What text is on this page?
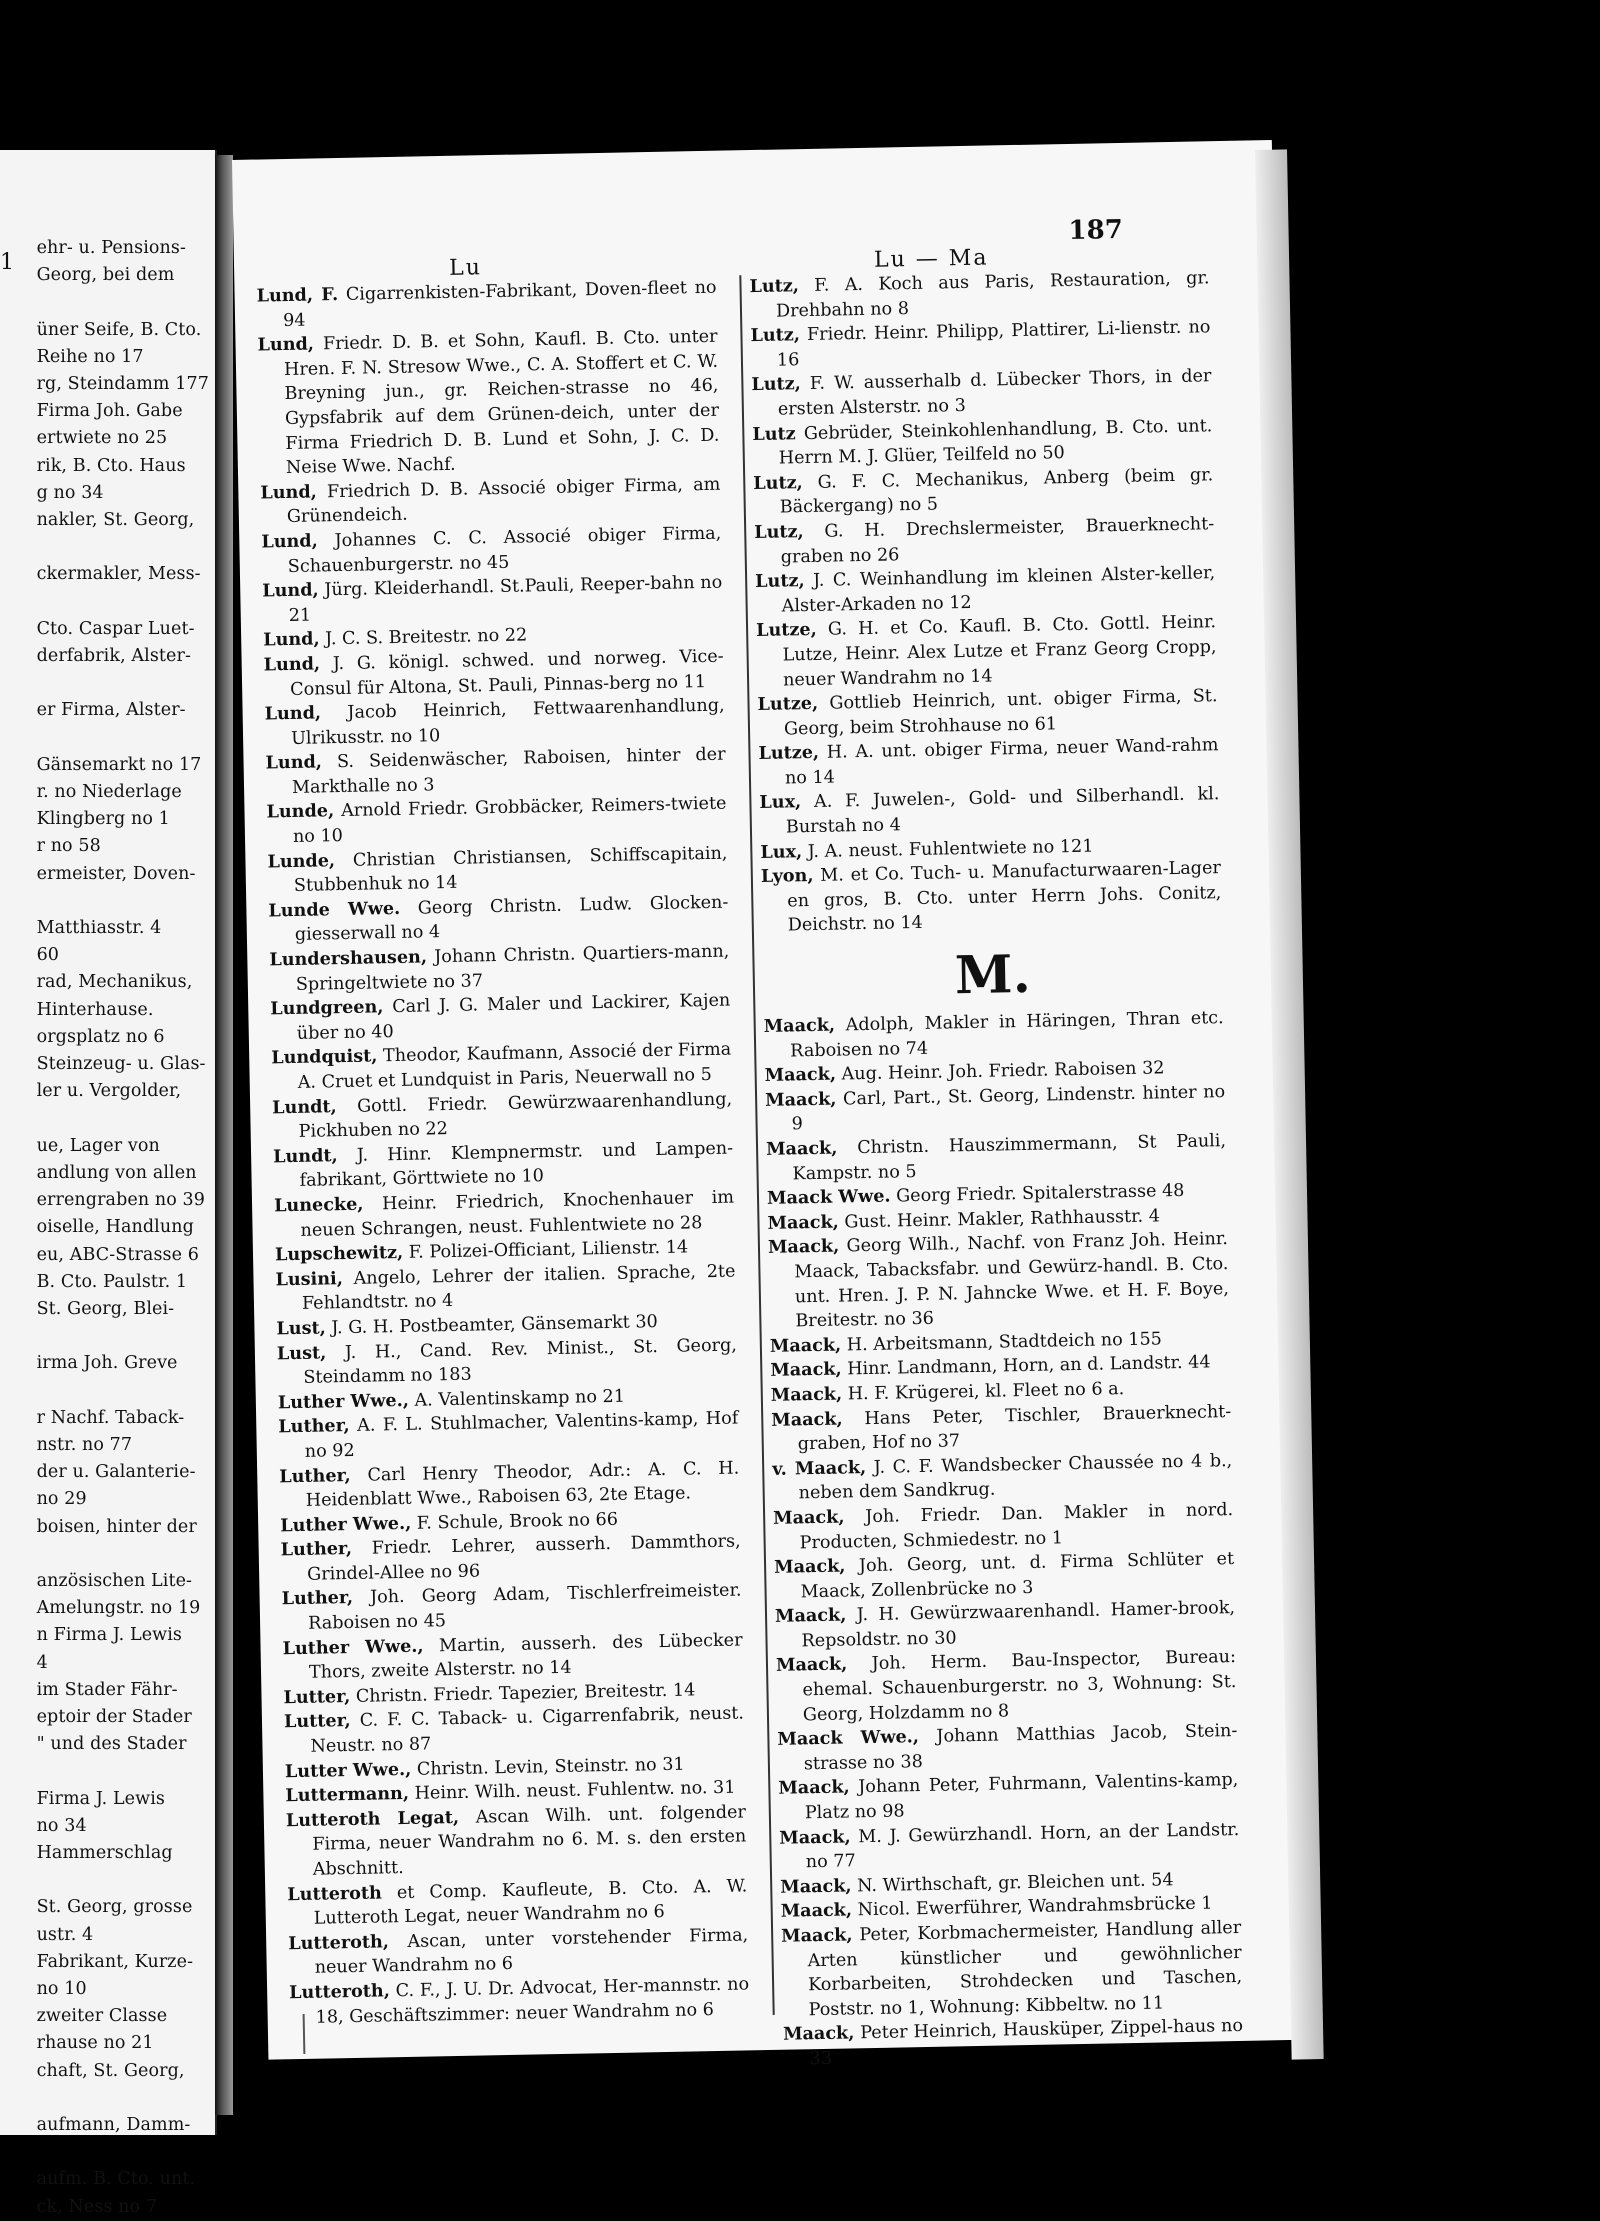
ehr- u. Pensions-
Georg, bei dem

üner Seife, B. Cto.
Reihe no 17
rg, Steindamm 177
Firma Joh. Gabe
ertwiete no 25
rik, B. Cto. Haus
g no 34
nakler, St. Georg,

ckermakler, Mess-

Cto. Caspar Luet-
derfabrik, Alster-

er Firma, Alster-

Gänsemarkt no 17
r. no Niederlage
Klingberg no 1
r no 58
ermeister, Doven-

Matthiasstr. 4
60
rad, Mechanikus,
Hinterhause.
orgsplatz no 6
Steinzeug- u. Glas-
ler u. Vergolder,

ue, Lager von
andlung von allen
errengraben no 39
oiselle, Handlung
eu, ABC-Strasse 6
B. Cto. Paulstr. 1
St. Georg, Blei-

irma Joh. Greve

r Nachf. Taback-
nstr. no 77
der u. Galanterie-
no 29
boisen, hinter der

anzösischen Lite-
Amelungstr. no 19
n Firma J. Lewis
4
im Stader Fähr-
eptoir der Stader
" und des Stader

Firma J. Lewis
no 34
Hammerschlag

St. Georg, grosse
ustr. 4
Fabrikant, Kurze-
no 10
zweiter Classe
rhause no 21
chaft, St. Georg,

aufmann, Damm-

aufm. B. Cto. unt.
ck, Ness no 7
1	Lu	Lu — Ma
187

Lund, F. Cigarrenkisten-Fabrikant, Doven-fleet no 94

Lund, Friedr. D. B. et Sohn, Kaufl. B. Cto. unter Hren. F. N. Stresow Wwe., C. A. Stoffert et C. W. Breyning jun., gr. Reichen-strasse no 46, Gypsfabrik auf dem Grünen-deich, unter der Firma Friedrich D. B. Lund et Sohn, J. C. D. Neise Wwe. Nachf.

Lund, Friedrich D. B. Associé obiger Firma, am Grünendeich.

Lund, Johannes C. C. Associé obiger Firma, Schauenburgerstr. no 45

Lund, Jürg. Kleiderhandl. St.Pauli, Reeper-bahn no 21

Lund, J. C. S. Breitestr. no 22

Lund, J. G. königl. schwed. und norweg. Vice-Consul für Altona, St. Pauli, Pinnas-berg no 11

Lund, Jacob Heinrich, Fettwaarenhandlung, Ulrikusstr. no 10

Lund, S. Seidenwäscher, Raboisen, hinter der Markthalle no 3

Lunde, Arnold Friedr. Grobbäcker, Reimers-twiete no 10

Lunde, Christian Christiansen, Schiffscapitain, Stubbenhuk no 14

Lunde Wwe. Georg Christn. Ludw. Glocken-giesserwall no 4

Lundershausen, Johann Christn. Quartiers-mann, Springeltwiete no 37

Lundgreen, Carl J. G. Maler und Lackirer, Kajen über no 40

Lundquist, Theodor, Kaufmann, Associé der Firma A. Cruet et Lundquist in Paris, Neuerwall no 5

Lundt, Gottl. Friedr. Gewürzwaarenhandlung, Pickhuben no 22

Lundt, J. Hinr. Klempnermstr. und Lampen-fabrikant, Görttwiete no 10

Lunecke, Heinr. Friedrich, Knochenhauer im neuen Schrangen, neust. Fuhlentwiete no 28

Lupschewitz, F. Polizei-Officiant, Lilienstr. 14

Lusini, Angelo, Lehrer der italien. Sprache, 2te Fehlandtstr. no 4

Lust, J. G. H. Postbeamter, Gänsemarkt 30

Lust, J. H., Cand. Rev. Minist., St. Georg, Steindamm no 183

Luther Wwe., A. Valentinskamp no 21

Luther, A. F. L. Stuhlmacher, Valentins-kamp, Hof no 92

Luther, Carl Henry Theodor, Adr.: A. C. H. Heidenblatt Wwe., Raboisen 63, 2te Etage.

Luther Wwe., F. Schule, Brook no 66

Luther, Friedr. Lehrer, ausserh. Dammthors, Grindel-Allee no 96

Luther, Joh. Georg Adam, Tischlerfreimeister. Raboisen no 45

Luther Wwe., Martin, ausserh. des Lübecker Thors, zweite Alsterstr. no 14

Lutter, Christn. Friedr. Tapezier, Breitestr. 14

Lutter, C. F. C. Taback- u. Cigarrenfabrik, neust. Neustr. no 87

Lutter Wwe., Christn. Levin, Steinstr. no 31

Luttermann, Heinr. Wilh. neust. Fuhlentw. no. 31

Lutteroth Legat, Ascan Wilh. unt. folgender Firma, neuer Wandrahm no 6. M. s. den ersten Abschnitt.

Lutteroth et Comp. Kaufleute, B. Cto. A. W. Lutteroth Legat, neuer Wandrahm no 6

Lutteroth, Ascan, unter vorstehender Firma, neuer Wandrahm no 6

Lutteroth, C. F., J. U. Dr. Advocat, Her-mannstr. no 18, Geschäftszimmer: neuer Wandrahm no 6

Lutz, F. A. Koch aus Paris, Restauration, gr. Drehbahn no 8

Lutz, Friedr. Heinr. Philipp, Plattirer, Li-lienstr. no 16

Lutz, F. W. ausserhalb d. Lübecker Thors, in der ersten Alsterstr. no 3

Lutz Gebrüder, Steinkohlenhandlung, B. Cto. unt. Herrn M. J. Glüer, Teilfeld no 50

Lutz, G. F. C. Mechanikus, Anberg (beim gr. Bäckergang) no 5

Lutz, G. H. Drechslermeister, Brauerknecht-graben no 26

Lutz, J. C. Weinhandlung im kleinen Alster-keller, Alster-Arkaden no 12

Lutze, G. H. et Co. Kaufl. B. Cto. Gottl. Heinr. Lutze, Heinr. Alex Lutze et Franz Georg Cropp, neuer Wandrahm no 14

Lutze, Gottlieb Heinrich, unt. obiger Firma, St. Georg, beim Strohhause no 61

Lutze, H. A. unt. obiger Firma, neuer Wand-rahm no 14

Lux, A. F. Juwelen-, Gold- und Silberhandl. kl. Burstah no 4

Lux, J. A. neust. Fuhlentwiete no 121

Lyon, M. et Co. Tuch- u. Manufacturwaaren-Lager en gros, B. Cto. unter Herrn Johs. Conitz, Deichstr. no 14

M.

Maack, Adolph, Makler in Häringen, Thran etc. Raboisen no 74

Maack, Aug. Heinr. Joh. Friedr. Raboisen 32

Maack, Carl, Part., St. Georg, Lindenstr. hinter no 9

Maack, Christn. Hauszimmermann, St Pauli, Kampstr. no 5

Maack Wwe. Georg Friedr. Spitalerstrasse 48

Maack, Gust. Heinr. Makler, Rathhausstr. 4

Maack, Georg Wilh., Nachf. von Franz Joh. Heinr. Maack, Tabacksfabr. und Gewürz-handl. B. Cto. unt. Hren. J. P. N. Jahncke Wwe. et H. F. Boye, Breitestr. no 36

Maack, H. Arbeitsmann, Stadtdeich no 155

Maack, Hinr. Landmann, Horn, an d. Landstr. 44

Maack, H. F. Krügerei, kl. Fleet no 6 a.

Maack, Hans Peter, Tischler, Brauerknecht-graben, Hof no 37

v. Maack, J. C. F. Wandsbecker Chaussée no 4 b., neben dem Sandkrug.

Maack, Joh. Friedr. Dan. Makler in nord. Producten, Schmiedestr. no 1

Maack, Joh. Georg, unt. d. Firma Schlüter et Maack, Zollenbrücke no 3

Maack, J. H. Gewürzwaarenhandl. Hamer-brook, Repsoldstr. no 30

Maack, Joh. Herm. Bau-Inspector, Bureau: ehemal. Schauenburgerstr. no 3, Wohnung: St. Georg, Holzdamm no 8

Maack Wwe., Johann Matthias Jacob, Stein-strasse no 38

Maack, Johann Peter, Fuhrmann, Valentins-kamp, Platz no 98

Maack, M. J. Gewürzhandl. Horn, an der Landstr. no 77

Maack, N. Wirthschaft, gr. Bleichen unt. 54

Maack, Nicol. Ewerführer, Wandrahmsbrücke 1

Maack, Peter, Korbmachermeister, Handlung aller Arten künstlicher und gewöhnlicher Korbarbeiten, Strohdecken und Taschen, Poststr. no 1, Wohnung: Kibbeltw. no 11

Maack, Peter Heinrich, Hausküper, Zippel-haus no 33
